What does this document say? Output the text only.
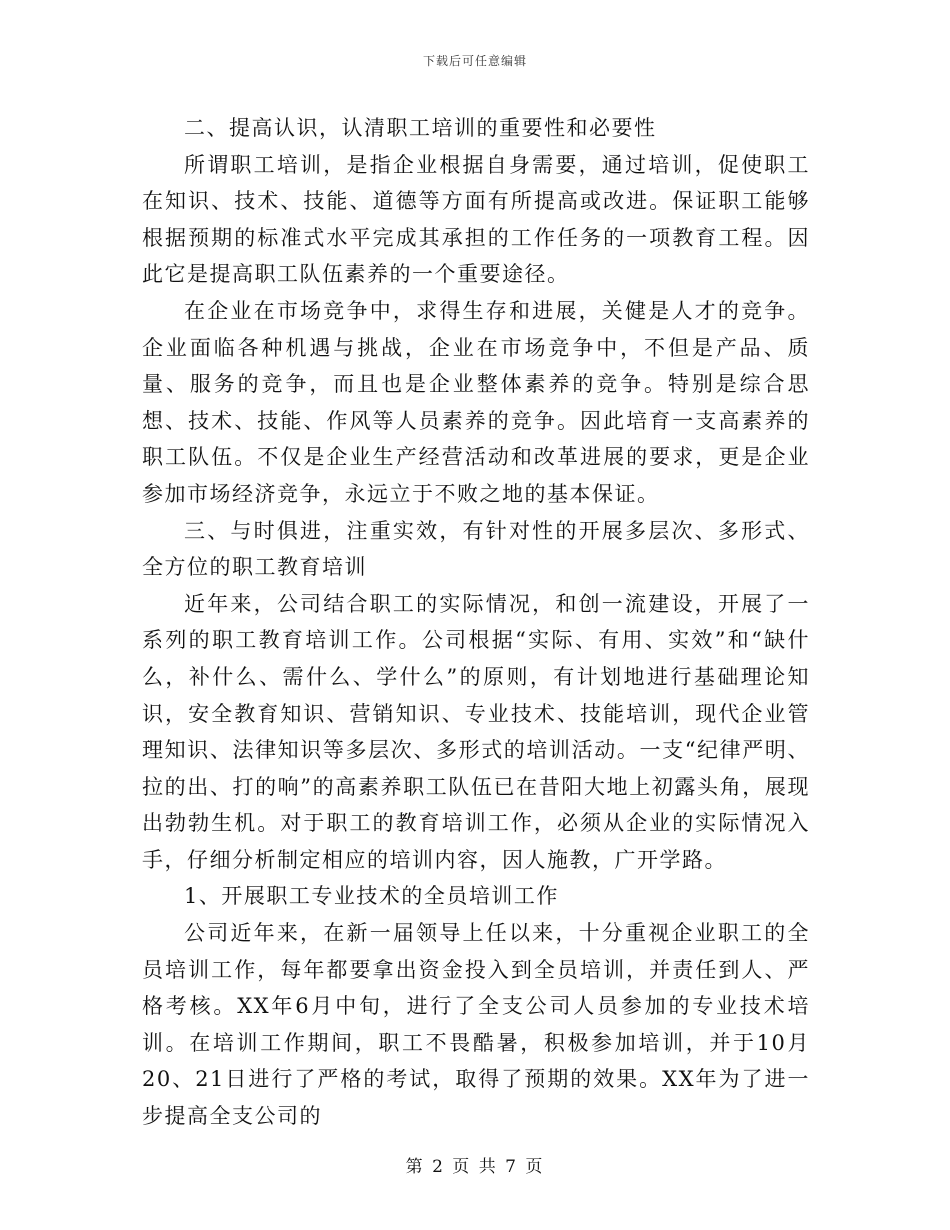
下载后可任意编辑

二、提高认识，认清职工培训的重要性和必要性

所谓职工培训，是指企业根据自身需要，通过培训，促使职工在知识、技术、技能、道德等方面有所提高或改进。保证职工能够根据预期的标准式水平完成其承担的工作任务的一项教育工程。因此它是提高职工队伍素养的一个重要途径。

在企业在市场竞争中，求得生存和进展，关健是人才的竞争。企业面临各种机遇与挑战，企业在市场竞争中，不但是产品、质量、服务的竞争，而且也是企业整体素养的竞争。特别是综合思想、技术、技能、作风等人员素养的竞争。因此培育一支高素养的职工队伍。不仅是企业生产经营活动和改革进展的要求，更是企业参加市场经济竞争，永远立于不败之地的基本保证。

三、与时俱进，注重实效，有针对性的开展多层次、多形式、全方位的职工教育培训

近年来，公司结合职工的实际情况，和创一流建设，开展了一系列的职工教育培训工作。公司根据“实际、有用、实效”和“缺什么，补什么、需什么、学什么”的原则，有计划地进行基础理论知识，安全教育知识、营销知识、专业技术、技能培训，现代企业管理知识、法律知识等多层次、多形式的培训活动。一支“纪律严明、拉的出、打的响”的高素养职工队伍已在昔阳大地上初露头角，展现出勃勃生机。对于职工的教育培训工作，必须从企业的实际情况入手，仔细分析制定相应的培训内容，因人施教，广开学路。

1、开展职工专业技术的全员培训工作

公司近年来，在新一届领导上任以来，十分重视企业职工的全员培训工作，每年都要拿出资金投入到全员培训，并责任到人、严格考核。XX年6月中旬，进行了全支公司人员参加的专业技术培训。在培训工作期间，职工不畏酷暑，积极参加培训，并于10月20、21日进行了严格的考试，取得了预期的效果。XX年为了进一步提高全支公司的

第 2 页 共 7 页
